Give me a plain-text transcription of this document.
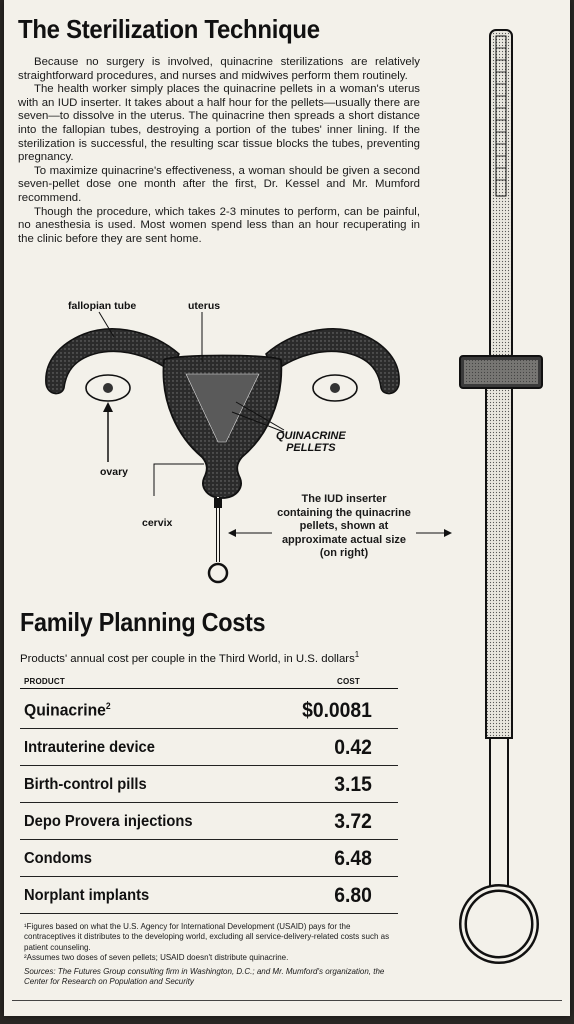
The Sterilization Technique

Because no surgery is involved, quinacrine sterilizations are relatively straightforward procedures, and nurses and midwives perform them routinely.

The health worker simply places the quinacrine pellets in a woman's uterus with an IUD inserter. It takes about a half hour for the pellets—usually there are seven—to dissolve in the uterus. The quinacrine then spreads a short distance into the fallopian tubes, destroying a portion of the tubes' inner lining. If the sterilization is successful, the resulting scar tissue blocks the tubes, preventing pregnancy.

To maximize quinacrine's effectiveness, a woman should be given a second seven-pellet dose one month after the first, Dr. Kessel and Mr. Mumford recommend.

Though the procedure, which takes 2-3 minutes to perform, can be painful, no anesthesia is used. Most women spend less than an hour recuperating in the clinic before they are sent home.

fallopian tube	uterus
ovary
cervix
QUINACRINE
PELLETS
The IUD inserter containing the quinacrine pellets, shown at approximate actual size (on right)
Family Planning Costs
Products' annual cost per couple in the Third World, in U.S. dollars$^1$
PRODUCT	COST
Quinacrine$^2$	$0.0081
Intrauterine device	0.42
Birth-control pills	3.15
Depo Provera injections	3.72
Condoms	6.48
Norplant implants	6.80
¹Figures based on what the U.S. Agency for International Development (USAID) pays for the contraceptives it distributes to the developing world, excluding all service-delivery-related costs such as patient counseling.
²Assumes two doses of seven pellets; USAID doesn't distribute quinacrine.
Sources: The Futures Group consulting firm in Washington, D.C.; and Mr. Mumford's organization, the Center for Research on Population and Security
